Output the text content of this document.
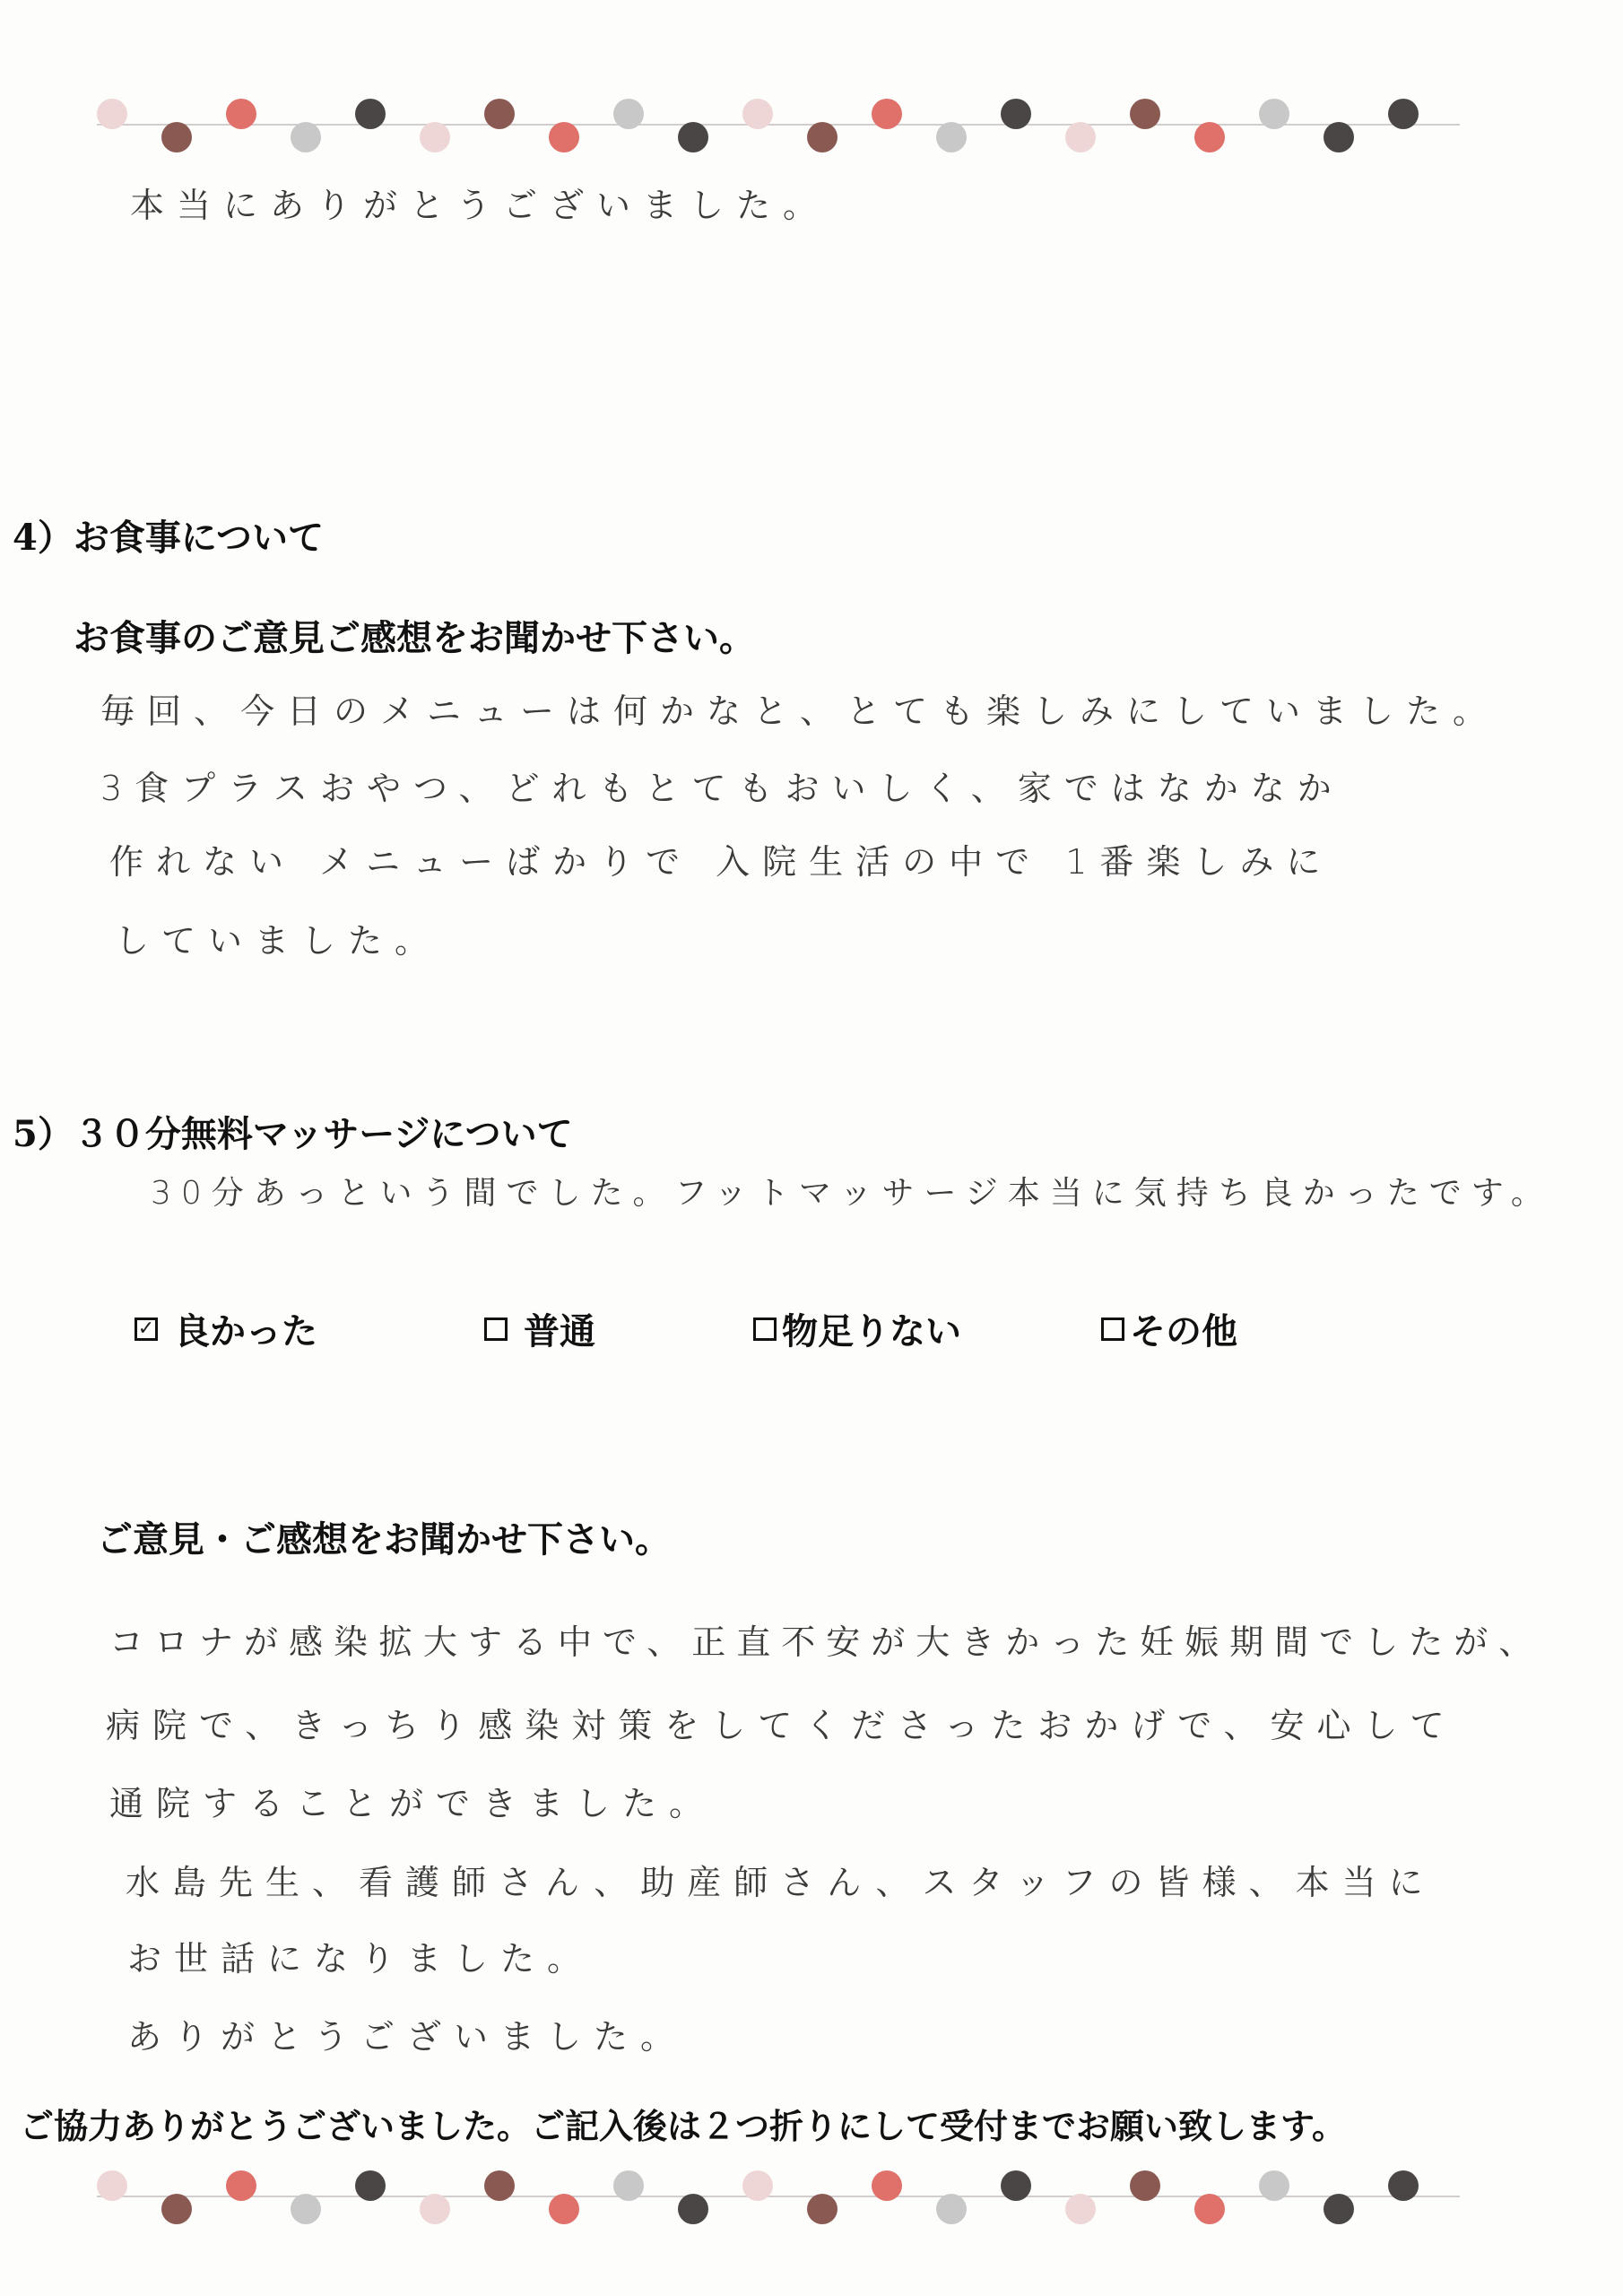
本当にありがとうございました。
4）お食事について
お食事のご意見ご感想をお聞かせ下さい。
毎回、今日のメニューは何かなと、とても楽しみにしていました。
3食プラスおやつ、どれもとてもおいしく、家ではなかなか
作れない メニューばかりで 入院生活の中で 1番楽しみに
していました。
5）３０分無料マッサージについて
30分あっという間でした。フットマッサージ本当に気持ち良かったです。
✓ 良かった	普通	物足りない	その他
ご意見・ご感想をお聞かせ下さい。
コロナが感染拡大する中で、正直不安が大きかった妊娠期間でしたが、
病院で、きっちり感染対策をしてくださったおかげで、安心して
通院することができました。
水島先生、看護師さん、助産師さん、スタッフの皆様、本当に
お世話になりました。
ありがとうございました。
ご協力ありがとうございました。ご記入後は２つ折りにして受付までお願い致します。
